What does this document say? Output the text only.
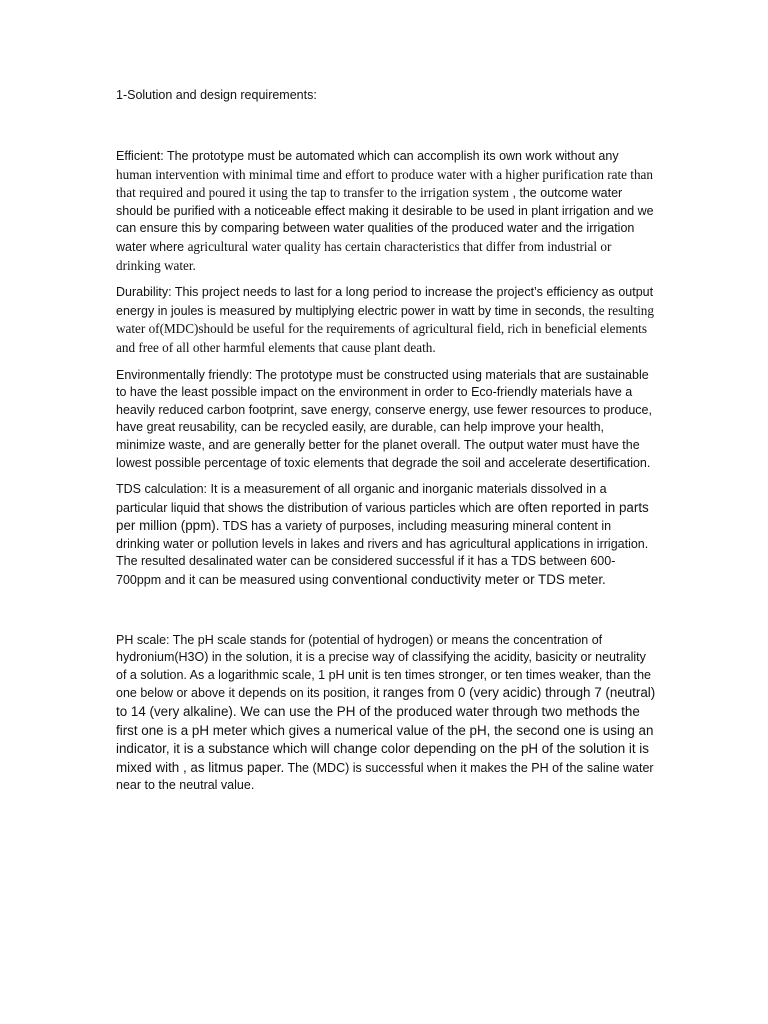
1-Solution and design requirements:

Efficient: The prototype must be automated which can accomplish its own work without any human intervention with minimal time and effort to produce water with a higher purification rate than that required and poured it using the tap to transfer to the irrigation system , the outcome water should be purified with a noticeable effect making it desirable to be used in plant irrigation and we can ensure this by comparing between water qualities of the produced water and the irrigation water where agricultural water quality has certain characteristics that differ from industrial or drinking water.

Durability: This project needs to last for a long period to increase the project’s efficiency as output energy in joules is measured by multiplying electric power in watt by time in seconds, the resulting water of(MDC)should be useful for the requirements of agricultural field, rich in beneficial elements and free of all other harmful elements that cause plant death.

Environmentally friendly: The prototype must be constructed using materials that are sustainable to have the least possible impact on the environment in order to Eco-friendly materials have a heavily reduced carbon footprint, save energy, conserve energy, use fewer resources to produce, have great reusability, can be recycled easily, are durable, can help improve your health, minimize waste, and are generally better for the planet overall. The output water must have the lowest possible percentage of toxic elements that degrade the soil and accelerate desertification.

TDS calculation: It is a measurement of all organic and inorganic materials dissolved in a particular liquid that shows the distribution of various particles which are often reported in parts per million (ppm). TDS has a variety of purposes, including measuring mineral content in drinking water or pollution levels in lakes and rivers and has agricultural applications in irrigation. The resulted desalinated water can be considered successful if it has a TDS between 600-700ppm and it can be measured using conventional conductivity meter or TDS meter.

PH scale: The pH scale stands for (potential of hydrogen) or means the concentration of hydronium(H3O) in the solution, it is a precise way of classifying the acidity, basicity or neutrality of a solution. As a logarithmic scale, 1 pH unit is ten times stronger, or ten times weaker, than the one below or above it depends on its position, it ranges from 0 (very acidic) through 7 (neutral) to 14 (very alkaline). We can use the PH of the produced water through two methods the first one is a pH meter which gives a numerical value of the pH, the second one is using an indicator, it is a substance which will change color depending on the pH of the solution it is mixed with , as litmus paper. The (MDC) is successful when it makes the PH of the saline water near to the neutral value.
